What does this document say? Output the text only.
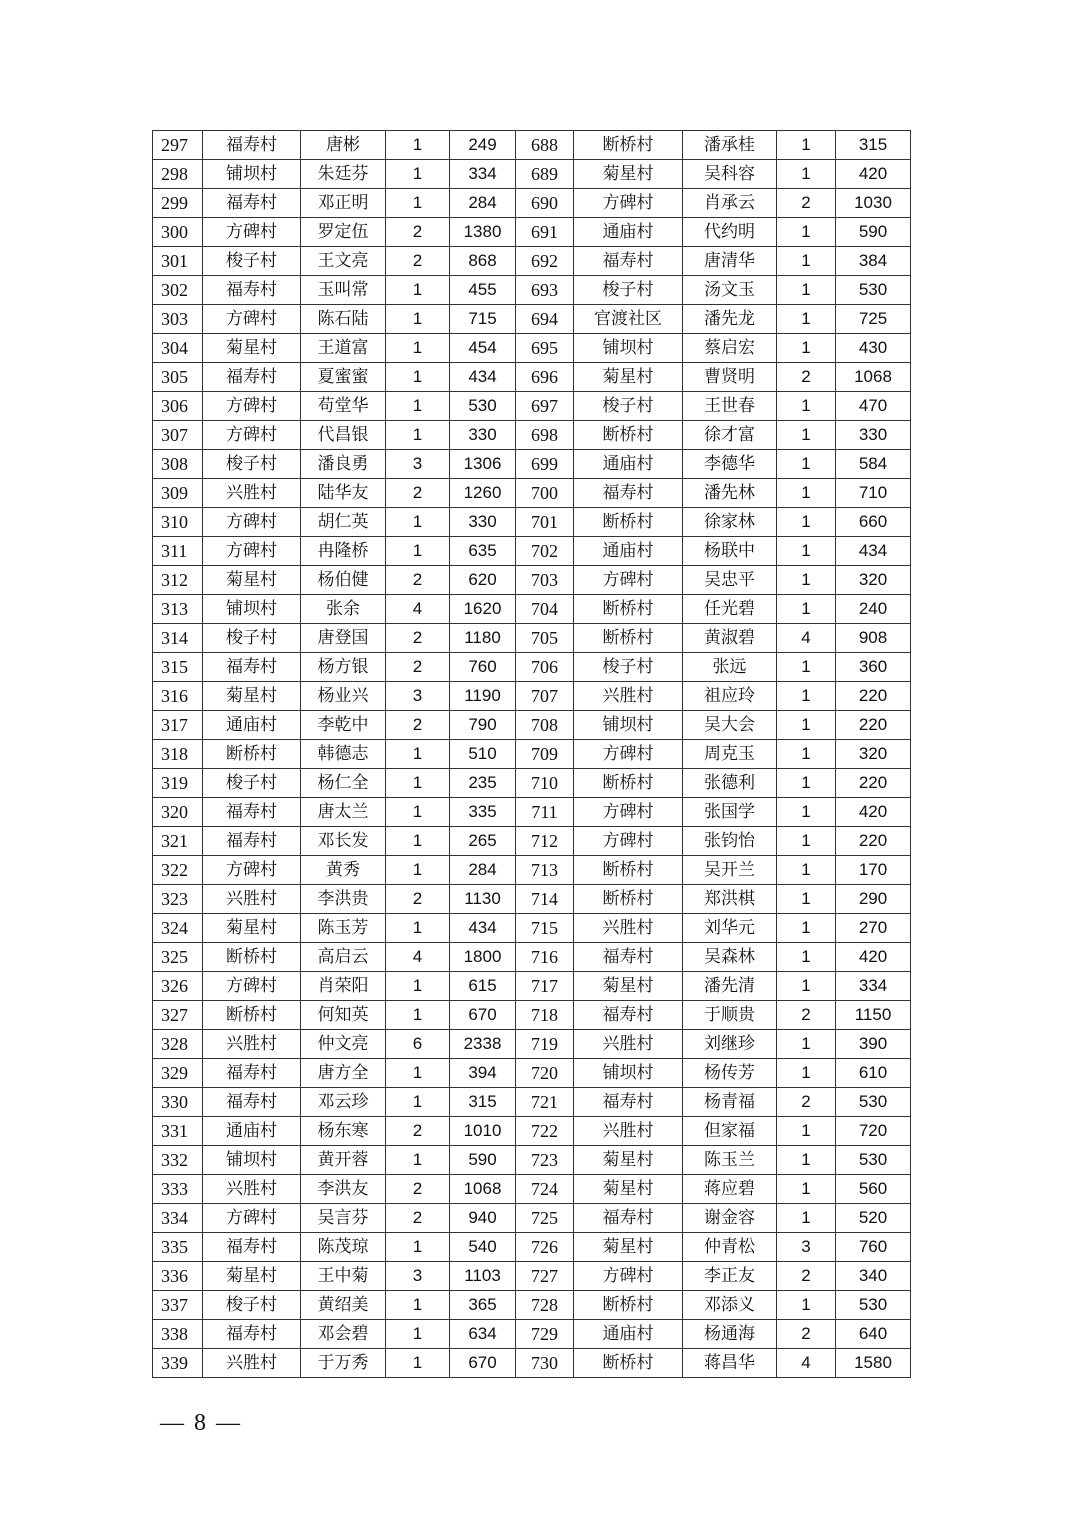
297	福寿村	唐彬	1	249	688	断桥村	潘承桂	1	315
298	铺坝村	朱廷芬	1	334	689	菊星村	吴科容	1	420
299	福寿村	邓正明	1	284	690	方碑村	肖承云	2	1030
300	方碑村	罗定伍	2	1380	691	通庙村	代约明	1	590
301	梭子村	王文亮	2	868	692	福寿村	唐清华	1	384
302	福寿村	玉叫常	1	455	693	梭子村	汤文玉	1	530
303	方碑村	陈石陆	1	715	694	官渡社区	潘先龙	1	725
304	菊星村	王道富	1	454	695	铺坝村	蔡启宏	1	430
305	福寿村	夏蜜蜜	1	434	696	菊星村	曹贤明	2	1068
306	方碑村	苟堂华	1	530	697	梭子村	王世春	1	470
307	方碑村	代昌银	1	330	698	断桥村	徐才富	1	330
308	梭子村	潘良勇	3	1306	699	通庙村	李德华	1	584
309	兴胜村	陆华友	2	1260	700	福寿村	潘先林	1	710
310	方碑村	胡仁英	1	330	701	断桥村	徐家林	1	660
311	方碑村	冉隆桥	1	635	702	通庙村	杨联中	1	434
312	菊星村	杨伯健	2	620	703	方碑村	吴忠平	1	320
313	铺坝村	张余	4	1620	704	断桥村	任光碧	1	240
314	梭子村	唐登国	2	1180	705	断桥村	黄淑碧	4	908
315	福寿村	杨方银	2	760	706	梭子村	张远	1	360
316	菊星村	杨业兴	3	1190	707	兴胜村	祖应玲	1	220
317	通庙村	李乾中	2	790	708	铺坝村	吴大会	1	220
318	断桥村	韩德志	1	510	709	方碑村	周克玉	1	320
319	梭子村	杨仁全	1	235	710	断桥村	张德利	1	220
320	福寿村	唐太兰	1	335	711	方碑村	张国学	1	420
321	福寿村	邓长发	1	265	712	方碑村	张钧怡	1	220
322	方碑村	黄秀	1	284	713	断桥村	吴开兰	1	170
323	兴胜村	李洪贵	2	1130	714	断桥村	郑洪棋	1	290
324	菊星村	陈玉芳	1	434	715	兴胜村	刘华元	1	270
325	断桥村	高启云	4	1800	716	福寿村	吴森林	1	420
326	方碑村	肖荣阳	1	615	717	菊星村	潘先清	1	334
327	断桥村	何知英	1	670	718	福寿村	于顺贵	2	1150
328	兴胜村	仲文亮	6	2338	719	兴胜村	刘继珍	1	390
329	福寿村	唐方全	1	394	720	铺坝村	杨传芳	1	610
330	福寿村	邓云珍	1	315	721	福寿村	杨青福	2	530
331	通庙村	杨东寒	2	1010	722	兴胜村	但家福	1	720
332	铺坝村	黄开蓉	1	590	723	菊星村	陈玉兰	1	530
333	兴胜村	李洪友	2	1068	724	菊星村	蒋应碧	1	560
334	方碑村	吴言芬	2	940	725	福寿村	谢金容	1	520
335	福寿村	陈茂琼	1	540	726	菊星村	仲青松	3	760
336	菊星村	王中菊	3	1103	727	方碑村	李正友	2	340
337	梭子村	黄绍美	1	365	728	断桥村	邓添义	1	530
338	福寿村	邓会碧	1	634	729	通庙村	杨通海	2	640
339	兴胜村	于万秀	1	670	730	断桥村	蒋昌华	4	1580
— 8 —
